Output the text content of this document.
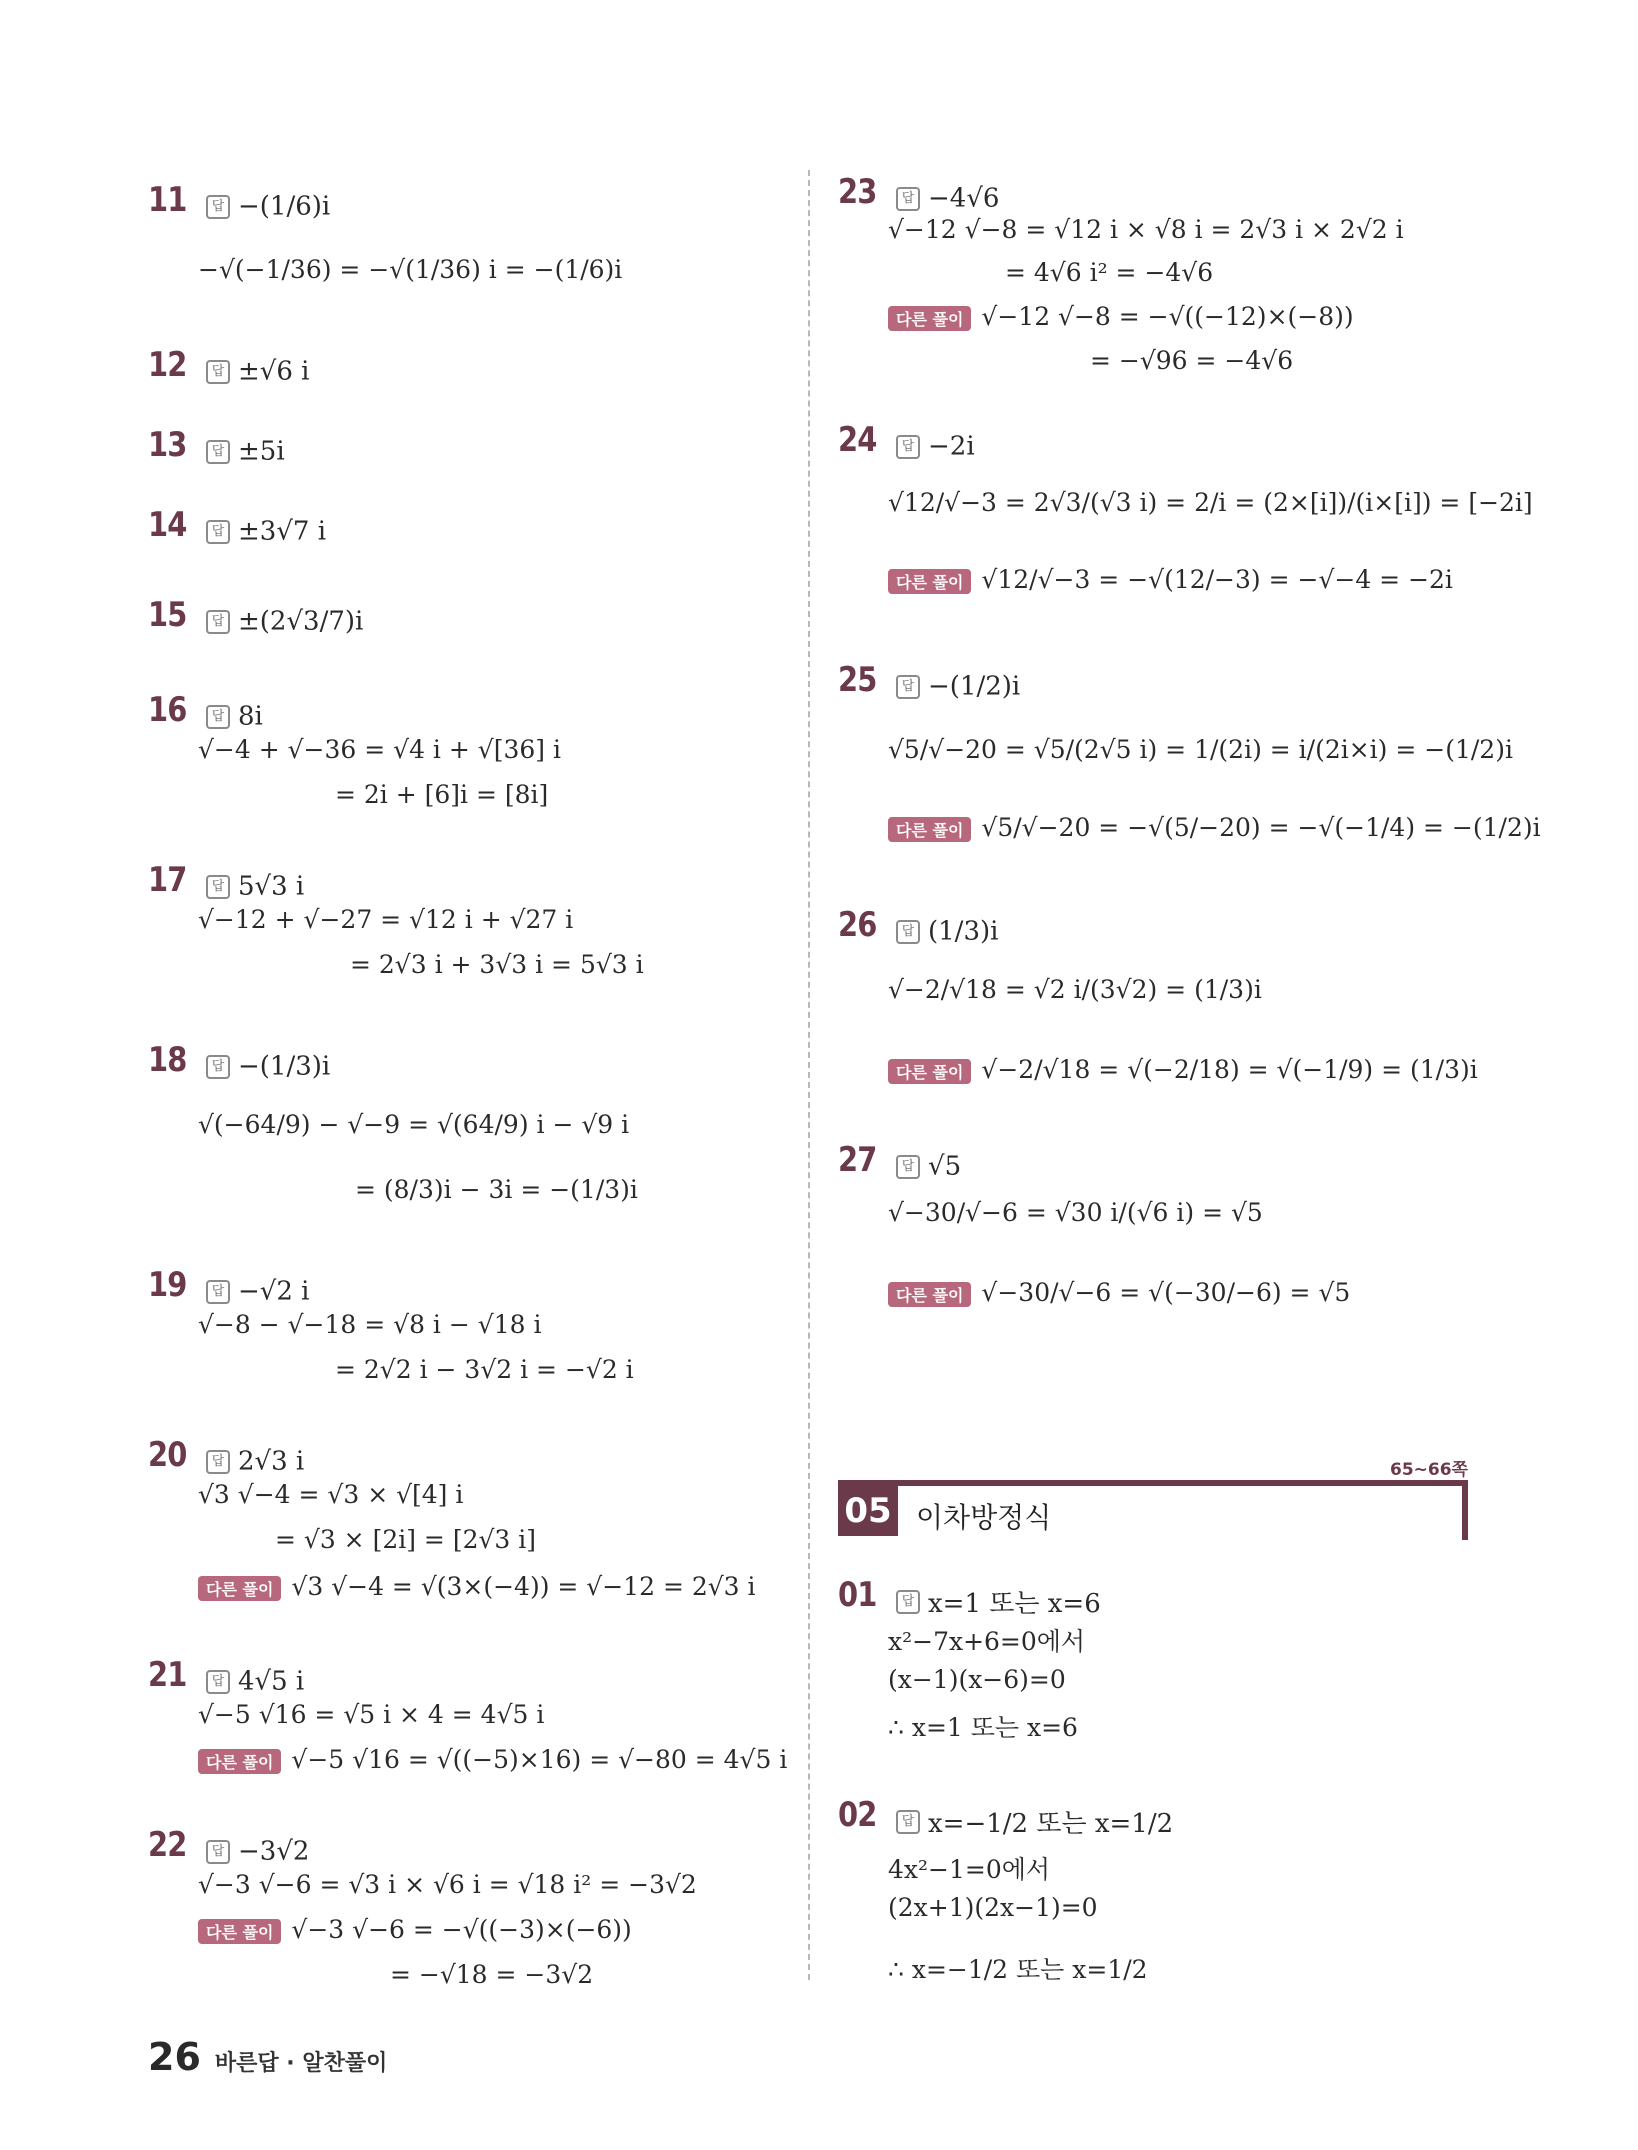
11 답 −(1/6)i
−√(−1/36) = −√(1/36) i = −(1/6)i
12 답 ±√6 i
13 답 ±5i
14 답 ±3√7 i
15 답 ±(2√3/7)i
16 답 8i
√−4 + √−36 = √4 i + √[36] i
= 2i + [6]i = [8i]
17 답 5√3 i
√−12 + √−27 = √12 i + √27 i
= 2√3 i + 3√3 i = 5√3 i
18 답 −(1/3)i
√(−64/9) − √−9 = √(64/9) i − √9 i
= (8/3)i − 3i = −(1/3)i
19 답 −√2 i
√−8 − √−18 = √8 i − √18 i
= 2√2 i − 3√2 i = −√2 i
20 답 2√3 i
√3 √−4 = √3 × √[4] i
= √3 × [2i] = [2√3 i]
다른 풀이 √3 √−4 = √(3×(−4)) = √−12 = 2√3 i
21 답 4√5 i
√−5 √16 = √5 i × 4 = 4√5 i
다른 풀이 √−5 √16 = √((−5)×16) = √−80 = 4√5 i
22 답 −3√2
√−3 √−6 = √3 i × √6 i = √18 i² = −3√2
다른 풀이 √−3 √−6 = −√((−3)×(−6))
= −√18 = −3√2
23 답 −4√6
√−12 √−8 = √12 i × √8 i = 2√3 i × 2√2 i
= 4√6 i² = −4√6
다른 풀이 √−12 √−8 = −√((−12)×(−8))
= −√96 = −4√6
24 답 −2i
√12/√−3 = 2√3/(√3 i) = 2/i = (2×[i])/(i×[i]) = [−2i]
다른 풀이 √12/√−3 = −√(12/−3) = −√−4 = −2i
25 답 −(1/2)i
√5/√−20 = √5/(2√5 i) = 1/(2i) = i/(2i×i) = −(1/2)i
다른 풀이 √5/√−20 = −√(5/−20) = −√(−1/4) = −(1/2)i
26 답 (1/3)i
√−2/√18 = √2 i/(3√2) = (1/3)i
다른 풀이 √−2/√18 = √(−2/18) = √(−1/9) = (1/3)i
27 답 √5
√−30/√−6 = √30 i/(√6 i) = √5
다른 풀이 √−30/√−6 = √(−30/−6) = √5
65~66쪽
05 이차방정식
01 답 x=1 또는 x=6
x²−7x+6=0에서
(x−1)(x−6)=0
∴ x=1 또는 x=6
02 답 x=−1/2 또는 x=1/2
4x²−1=0에서
(2x+1)(2x−1)=0
∴ x=−1/2 또는 x=1/2
26 바른답 · 알찬풀이
